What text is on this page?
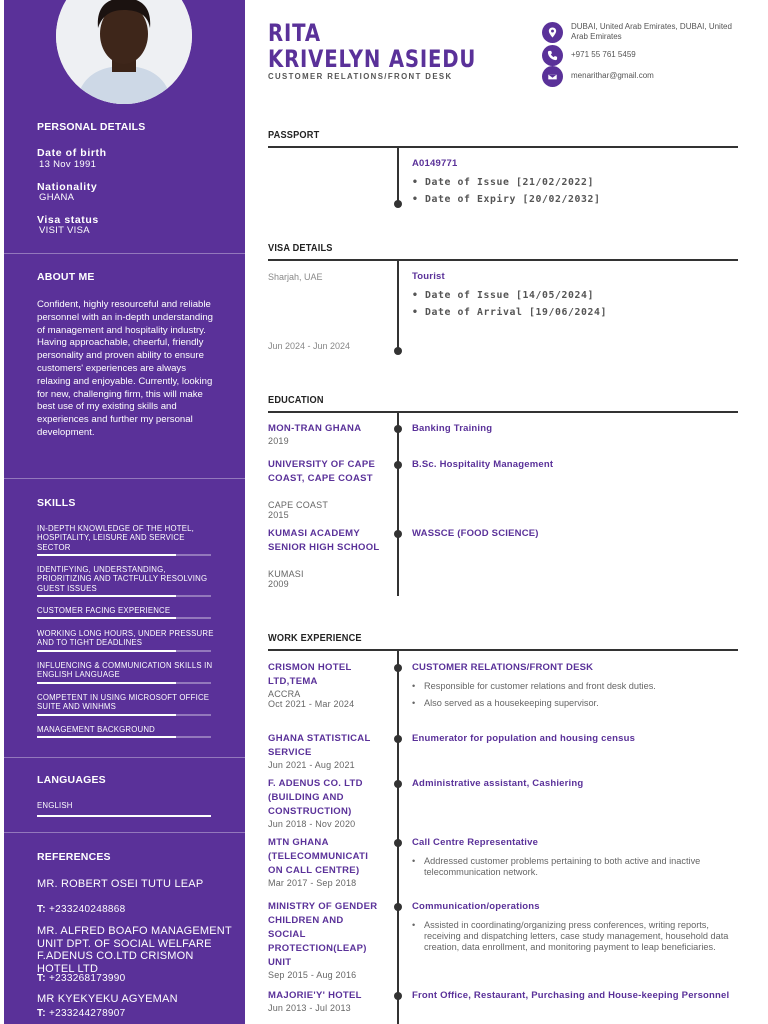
PERSONAL DETAILS
Date of birth
13 Nov 1991
Nationality
GHANA
Visa status
VISIT VISA
ABOUT ME
Confident, highly resourceful and reliable personnel with an in-depth understanding of management and hospitality industry. Having approachable, cheerful, friendly personality and proven ability to ensure customers' experiences are always relaxing and enjoyable. Currently, looking for new, challenging firm, this will make best use of my existing skills and experiences and further my personal development.
SKILLS
IN-DEPTH KNOWLEDGE OF THE HOTEL, HOSPITALITY, LEISURE AND SERVICE SECTOR
IDENTIFYING, UNDERSTANDING, PRIORITIZING AND TACTFULLY RESOLVING GUEST ISSUES
CUSTOMER FACING EXPERIENCE
WORKING LONG HOURS, UNDER PRESSURE AND TO TIGHT DEADLINES
INFLUENCING & COMMUNICATION SKILLS IN ENGLISH LANGUAGE
COMPETENT IN USING MICROSOFT OFFICE SUITE AND WINHMS
MANAGEMENT BACKGROUND
LANGUAGES
ENGLISH
REFERENCES
MR. ROBERT OSEI TUTU LEAP
T: +233240248868
MR. ALFRED BOAFO MANAGEMENT UNIT DPT. OF SOCIAL WELFARE F.ADENUS CO.LTD CRISMON HOTEL LTD
T: +233268173990
MR KYEKYEKU AGYEMAN
T: +233244278907
RITA
KRIVELYN ASIEDU
CUSTOMER RELATIONS/FRONT DESK
DUBAI, United Arab Emirates, DUBAI, United Arab Emirates
+971 55 761 5459
menarithar@gmail.com
PASSPORT
A0149771
• Date of Issue [21/02/2022]
• Date of Expiry [20/02/2032]
VISA DETAILS
Sharjah, UAE
Jun 2024 - Jun 2024
Tourist
• Date of Issue [14/05/2024]
• Date of Arrival [19/06/2024]
EDUCATION
MON-TRAN GHANA
2019
Banking Training
UNIVERSITY OF CAPE COAST, CAPE COAST
CAPE COAST
2015
B.Sc. Hospitality Management
KUMASI ACADEMY SENIOR HIGH SCHOOL
KUMASI
2009
WASSCE (FOOD SCIENCE)
WORK EXPERIENCE
CRISMON HOTEL LTD,TEMA
ACCRA
Oct 2021 - Mar 2024
CUSTOMER RELATIONS/FRONT DESK
• Responsible for customer relations and front desk duties.
• Also served as a housekeeping supervisor.
GHANA STATISTICAL SERVICE
Jun 2021 - Aug 2021
Enumerator for population and housing census
F. ADENUS CO. LTD (BUILDING AND CONSTRUCTION)
Jun 2018 - Nov 2020
Administrative assistant, Cashiering
MTN GHANA (TELECOMMUNICATI ON CALL CENTRE)
Mar 2017 - Sep 2018
Call Centre Representative
• Addressed customer problems pertaining to both active and inactive telecommunication network.
MINISTRY OF GENDER CHILDREN AND SOCIAL PROTECTION(LEAP) UNIT
Sep 2015 - Aug 2016
Communication/operations
• Assisted in coordinating/organizing press conferences, writing reports, receiving and dispatching letters, case study management, household data creation, data enrollment, and monitoring payment to leap beneficiaries.
MAJORIE'Y' HOTEL
Jun 2013 - Jul 2013
Front Office, Restaurant, Purchasing and House-keeping Personnel
